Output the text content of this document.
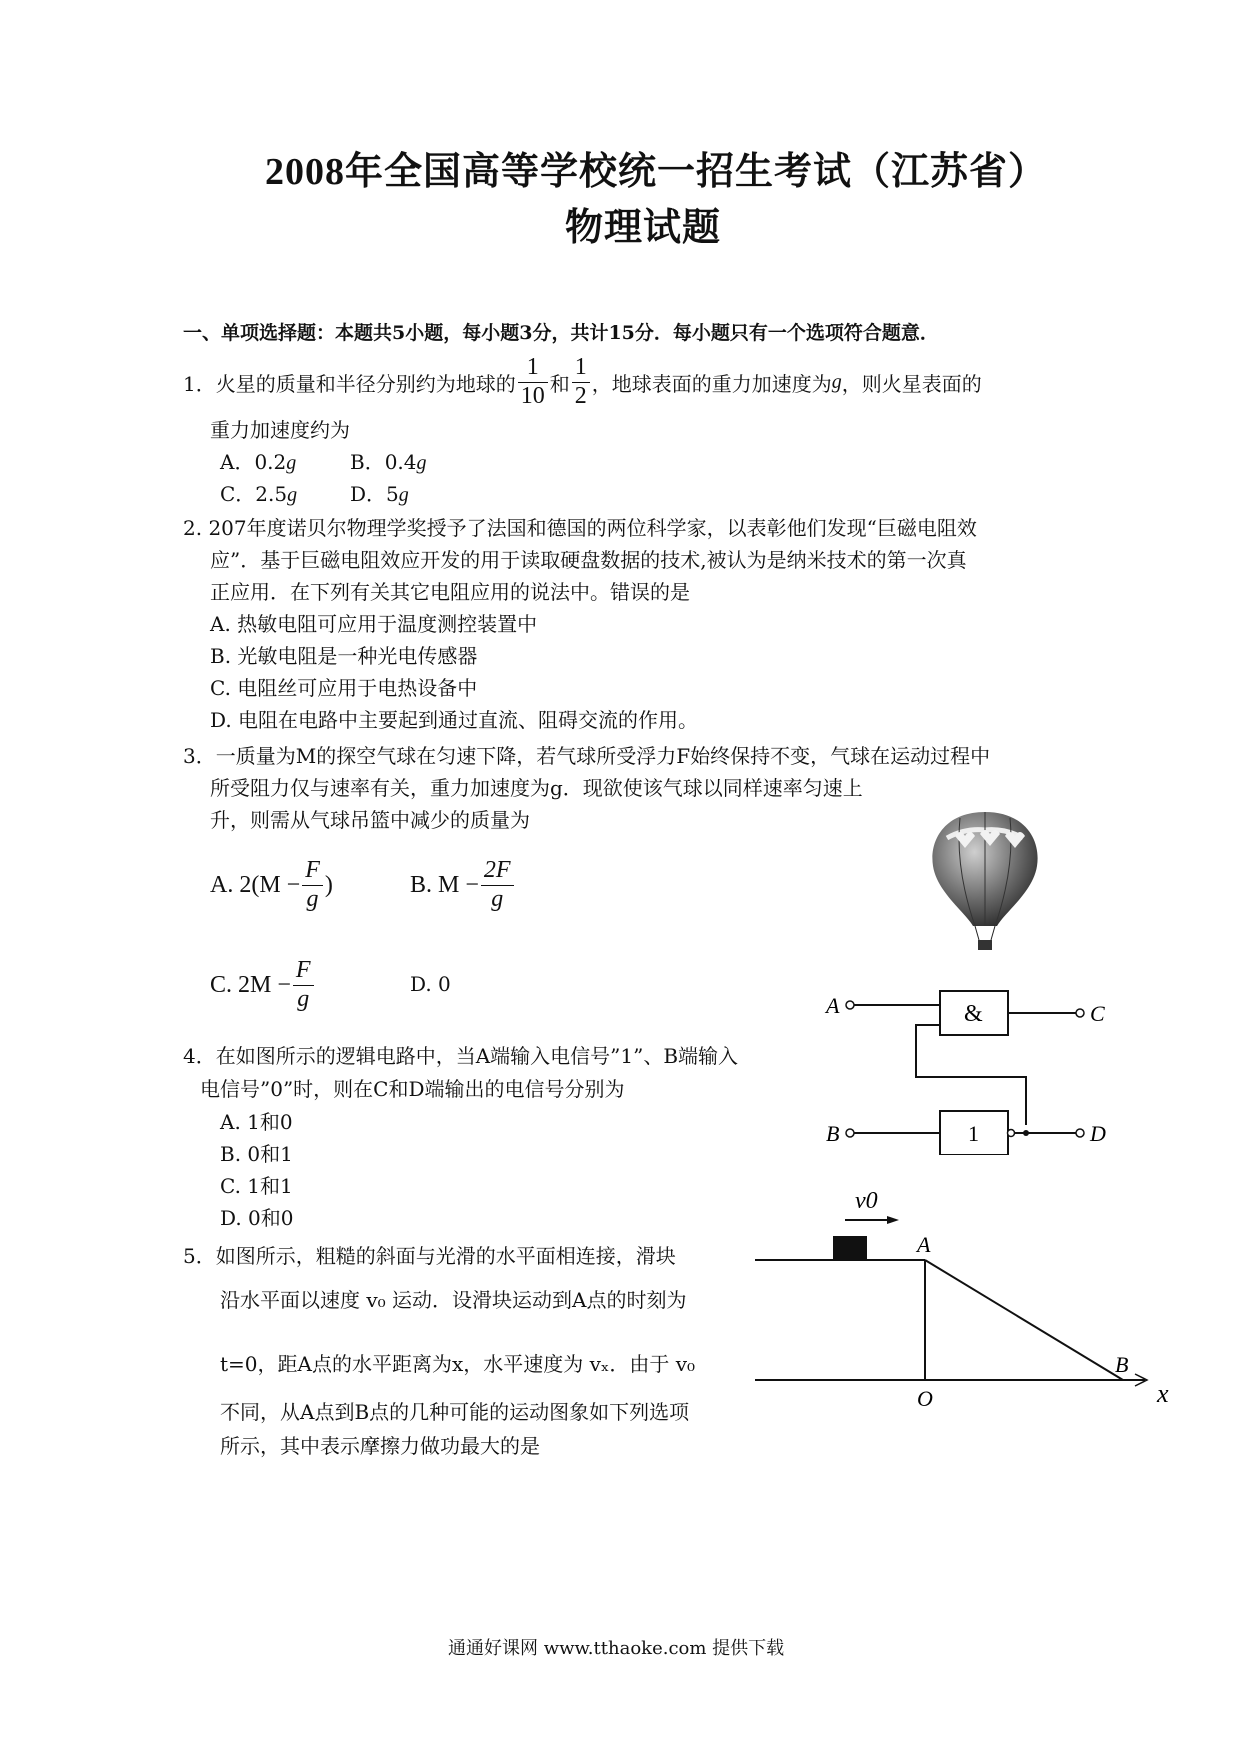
2008年全国高等学校统一招生考试（江苏省）
物理试题
一、单项选择题：本题共5小题，每小题3分，共计15分．每小题只有一个选项符合题意．
1．火星的质量和半径分别约为地球的 $\frac{1}{10}$ 和 $\frac{1}{2}$ ，地球表面的重力加速度为 g ，则火星表面的
重力加速度约为
A．0.2g	B．0.4g
C．2.5g	D．5g
2. 207年度诺贝尔物理学奖授予了法国和德国的两位科学家，以表彰他们发现“巨磁电阻效
应”．基于巨磁电阻效应开发的用于读取硬盘数据的技术,被认为是纳米技术的第一次真
正应用．在下列有关其它电阻应用的说法中。错误的是
A. 热敏电阻可应用于温度测控装置中
B. 光敏电阻是一种光电传感器
C. 电阻丝可应用于电热设备中
D. 电阻在电路中主要起到通过直流、阻碍交流的作用。
3．一质量为M的探空气球在匀速下降，若气球所受浮力F始终保持不变，气球在运动过程中
所受阻力仅与速率有关，重力加速度为g．现欲使该气球以同样速率匀速上
升，则需从气球吊篮中减少的质量为
A. $2(M - \frac{F}{g}$ )	B. $M - \frac{2F}{g}$
C. $2M - \frac{F}{g}$	D. 0
A	&	C
B	1	D
4．在如图所示的逻辑电路中，当A端输入电信号”1”、B端输入
电信号”0”时，则在C和D端输出的电信号分别为
A. 1和0
B. 0和1
C. 1和1
D. 0和0
v0
A
B
O	x
5．如图所示，粗糙的斜面与光滑的水平面相连接，滑块
沿水平面以速度 v₀ 运动．设滑块运动到A点的时刻为
t=0，距A点的水平距离为x，水平速度为 vₓ．由于 v₀
不同，从A点到B点的几种可能的运动图象如下列选项
所示，其中表示摩擦力做功最大的是
通通好课网 www.tthaoke.com 提供下载
